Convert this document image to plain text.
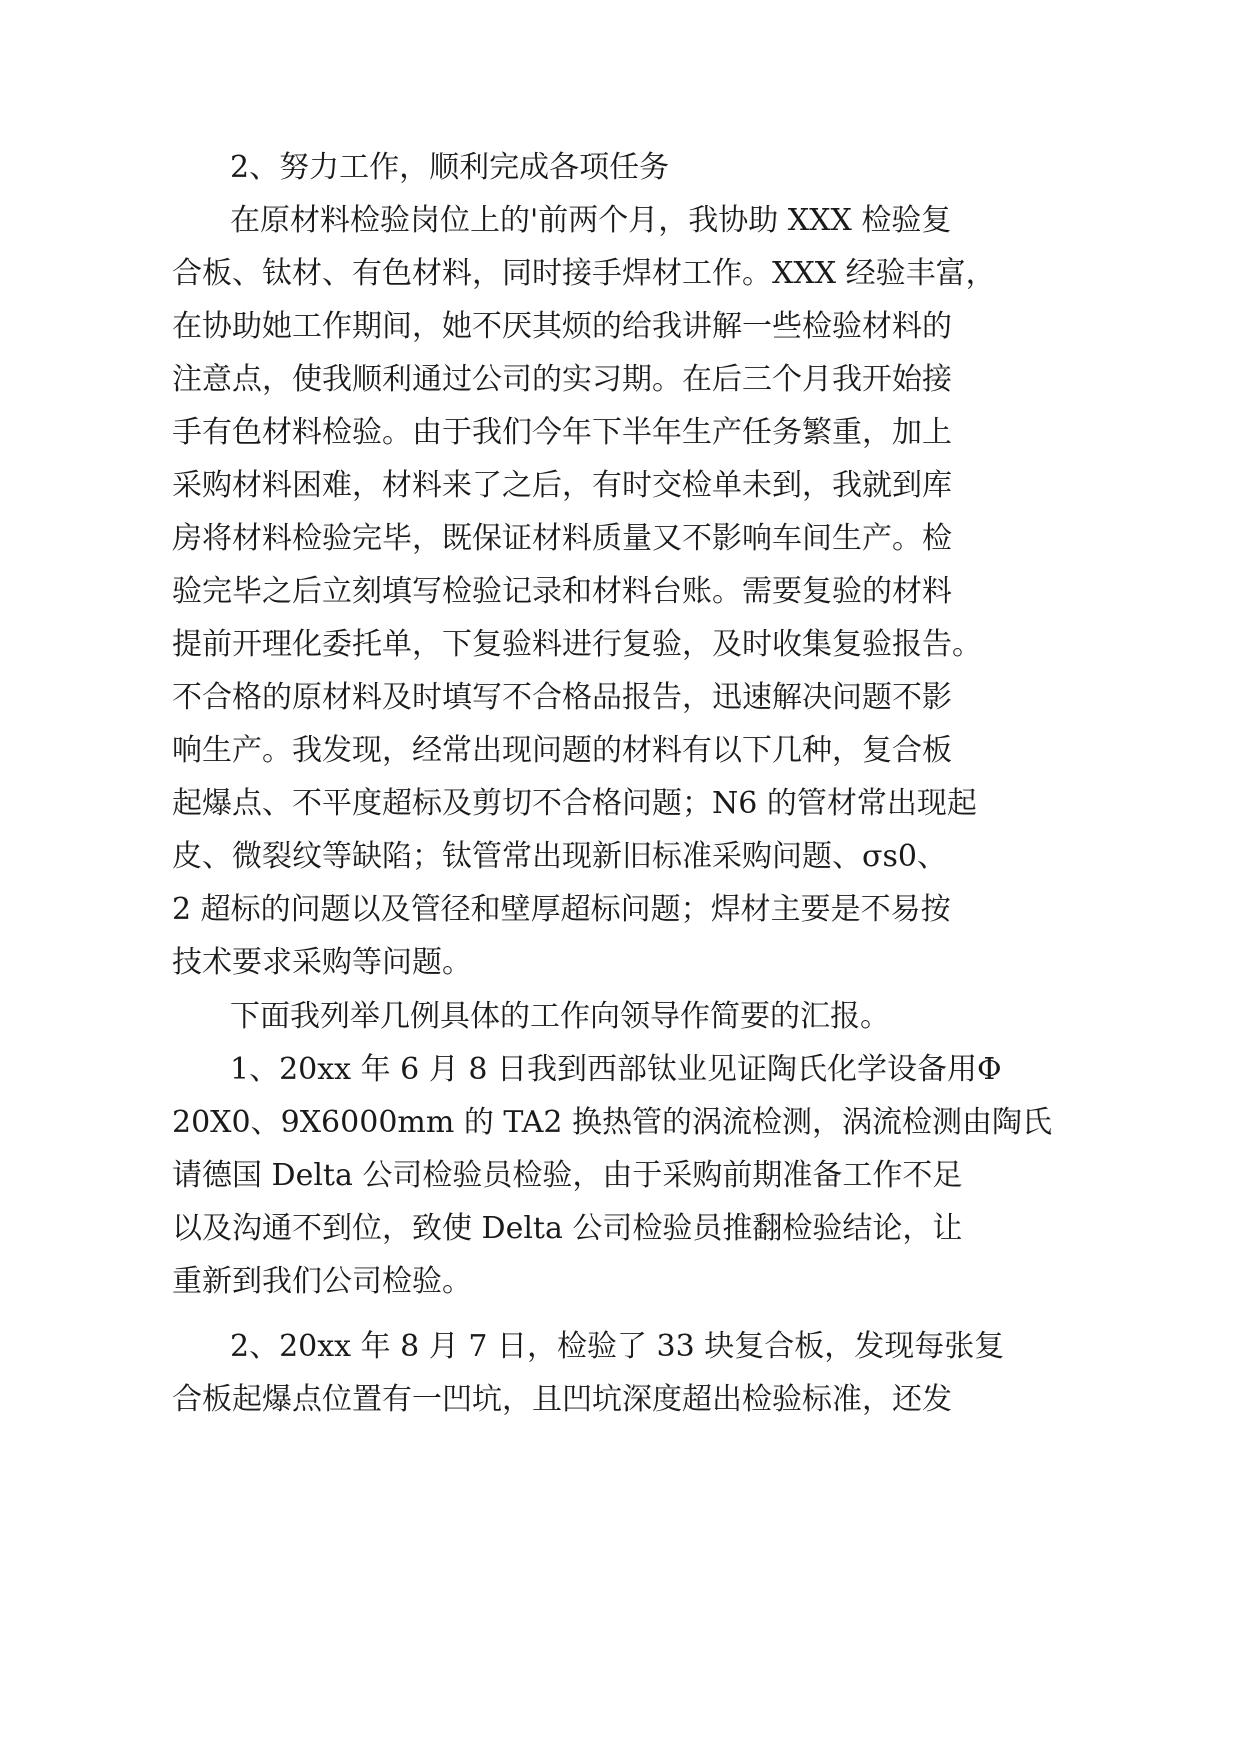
2、努力工作，顺利完成各项任务
在原材料检验岗位上的'前两个月，我协助 XXX 检验复
合板、钛材、有色材料，同时接手焊材工作。XXX 经验丰富，
在协助她工作期间，她不厌其烦的给我讲解一些检验材料的
注意点，使我顺利通过公司的实习期。在后三个月我开始接
手有色材料检验。由于我们今年下半年生产任务繁重，加上
采购材料困难，材料来了之后，有时交检单未到，我就到库
房将材料检验完毕，既保证材料质量又不影响车间生产。检
验完毕之后立刻填写检验记录和材料台账。需要复验的材料
提前开理化委托单，下复验料进行复验，及时收集复验报告。
不合格的原材料及时填写不合格品报告，迅速解决问题不影
响生产。我发现，经常出现问题的材料有以下几种，复合板
起爆点、不平度超标及剪切不合格问题；N6 的管材常出现起
皮、微裂纹等缺陷；钛管常出现新旧标准采购问题、σs0、
2 超标的问题以及管径和壁厚超标问题；焊材主要是不易按
技术要求采购等问题。
下面我列举几例具体的工作向领导作简要的汇报。
1、20xx 年 6 月 8 日我到西部钛业见证陶氏化学设备用Φ
20X0、9X6000mm 的 TA2 换热管的涡流检测，涡流检测由陶氏
请德国 Delta 公司检验员检验，由于采购前期准备工作不足
以及沟通不到位，致使 Delta 公司检验员推翻检验结论，让
重新到我们公司检验。
2、20xx 年 8 月 7 日，检验了 33 块复合板，发现每张复
合板起爆点位置有一凹坑，且凹坑深度超出检验标准，还发
